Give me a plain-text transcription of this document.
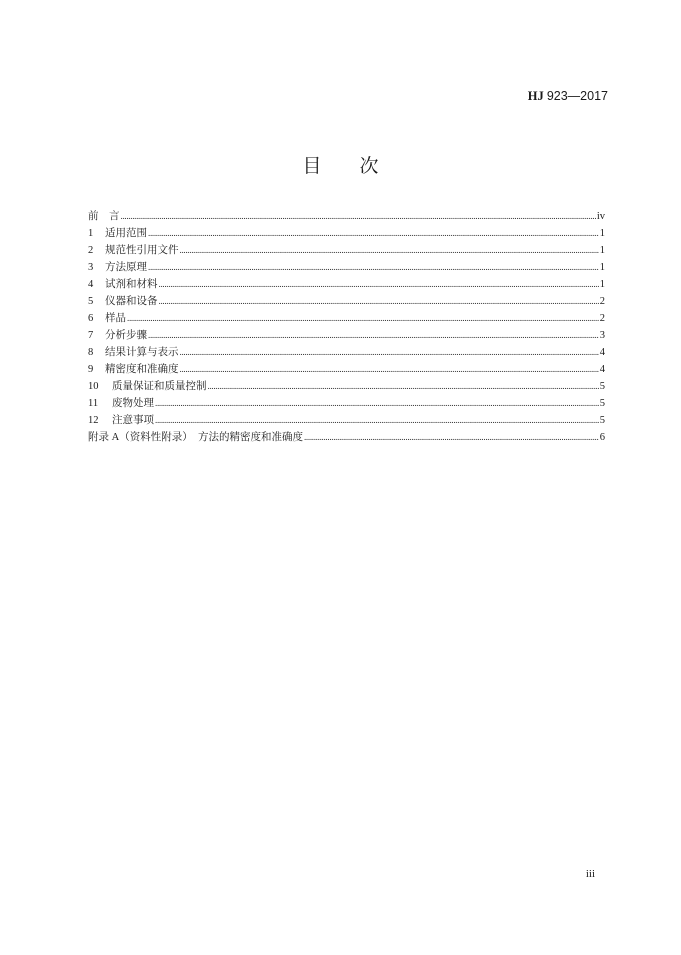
HJ 923—2017
目 次
前　言 .....	iv
1	适用范围 .....	1
2	规范性引用文件 .....	1
3	方法原理 .....	1
4	试剂和材料 .....	1
5	仪器和设备 .....	2
6	样品 .....	2
7	分析步骤 .....	3
8	结果计算与表示 .....	4
9	精密度和准确度 .....	4
10	质量保证和质量控制 .....	5
11	废物处理 .....	5
12	注意事项 .....	5
附录 A（资料性附录）　方法的精密度和准确度 .....	6
iii
